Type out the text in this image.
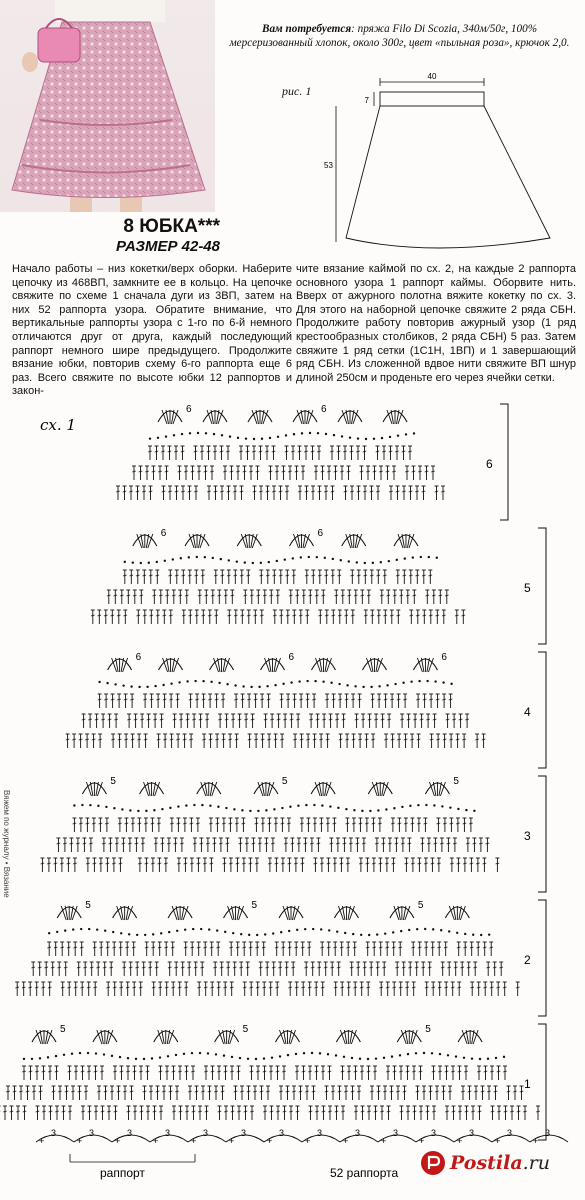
Вам потребуется: пряжа Filo Di Scozia, 340м/50г, 100% мерсеризованный хлопок, около 300г, цвет «пыльная роза», крючок 2,0.
рис. 1
40
7
53
8 ЮБКА***
РАЗМЕР 42-48
Начало работы – низ кокетки/верх оборки. Наберите цепочку из 468ВП, замкните ее в кольцо. На цепочке свяжите по схеме 1 сначала дуги из 3ВП, затем на них 52 раппорта узора. Обратите внимание, что вертикальные раппорты узора с 1-го по 6-й немного отличаются друг от друга, каждый последующий раппорт немного шире предыдущего. Продолжите вязание юбки, повторив схему 6-го раппорта еще 6 раз. Всего свяжите по высоте юбки 12 раппортов и закон-
чите вязание каймой по сх. 2, на каждые 2 раппорта основного узора 1 раппорт каймы. Оборвите нить. Вверх от ажурного полотна вяжите кокетку по сх. 3. Для этого на наборной цепочке свяжите 2 ряда СБН. Продолжите работу повторив ажурный узор (1 ряд крестообразных столбиков, 2 ряда СБН) 5 раз. Затем свяжите 1 ряд сетки (1С1Н, 1ВП) и 1 завершающий ряд СБН. Из сложенной вдвое нити свяжите ВП шнур длиной 250см и проденьте его через ячейки сетки.
сх. 1
6	6
6	6
6	6	6
5	5	5
5	5	5
5	5	5
+
3
+
3
+
3
+
3
+
3
+
3
+
3
+
3
+
3
+
3
+
3
+
3
+
3
+
3
6
5
4
3
2
1
раппорт	52 раппорта
Вяжем по журналу • Вязание
Postila.ru
